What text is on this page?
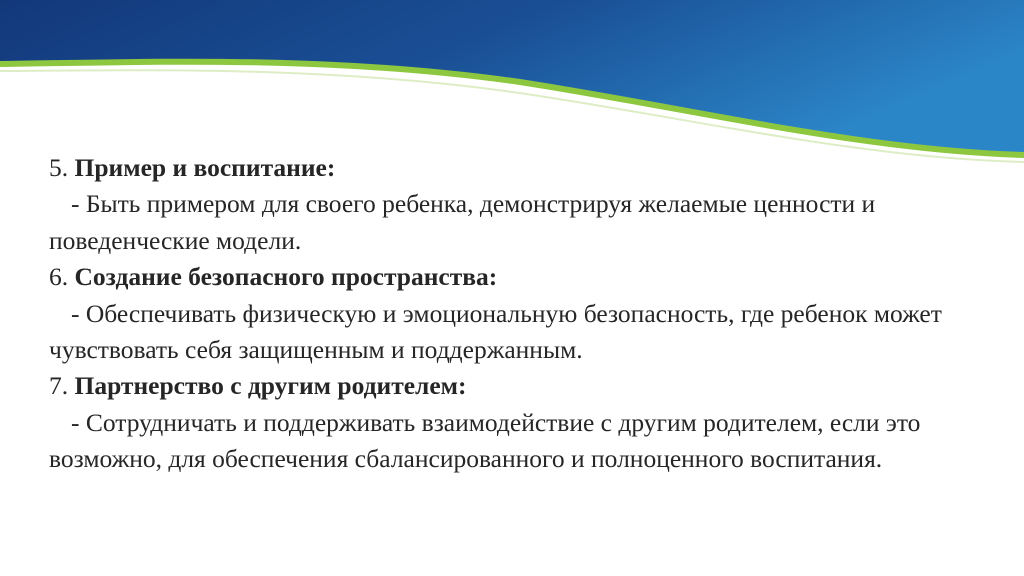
5. Пример и воспитание:

- Быть примером для своего ребенка, демонстрируя желаемые ценности и поведенческие модели.

6. Создание безопасного пространства:

- Обеспечивать физическую и эмоциональную безопасность, где ребенок может чувствовать себя защищенным и поддержанным.

7. Партнерство с другим родителем:

- Сотрудничать и поддерживать взаимодействие с другим родителем, если это возможно, для обеспечения сбалансированного и полноценного воспитания.
